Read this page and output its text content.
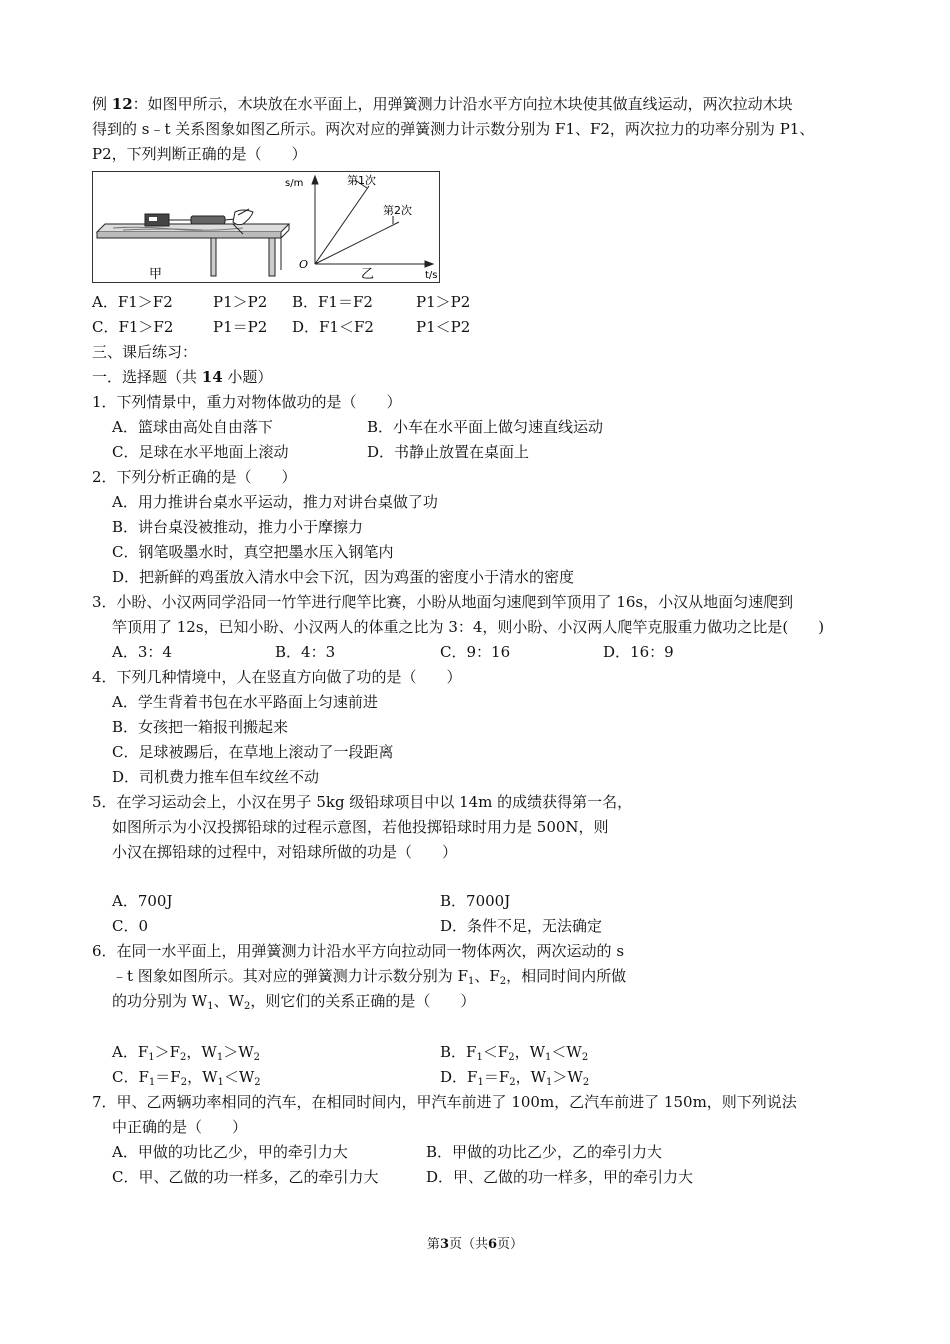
例 12：如图甲所示，木块放在水平面上，用弹簧测力计沿水平方向拉木块使其做直线运动，两次拉动木块
得到的 s﹣t 关系图象如图乙所示。两次对应的弹簧测力计示数分别为 F1、F2，两次拉力的功率分别为 P1、
P2，下列判断正确的是（　　）
甲
s/m
t/s
O
第1次
第2次
乙
A．F1＞F2	P1＞P2 B．F1＝F2	P1＞P2
C．F1＞F2	P1＝P2 D．F1＜F2	P1＜P2
三、课后练习：
一．选择题（共 14 小题）
1．下列情景中，重力对物体做功的是（　　）
A．篮球由高处自由落下	B．小车在水平面上做匀速直线运动
C．足球在水平地面上滚动	D．书静止放置在桌面上
2．下列分析正确的是（　　）
A．用力推讲台桌水平运动，推力对讲台桌做了功
B．讲台桌没被推动，推力小于摩擦力
C．钢笔吸墨水时，真空把墨水压入钢笔内
D．把新鲜的鸡蛋放入清水中会下沉，因为鸡蛋的密度小于清水的密度
3．小盼、小汉两同学沿同一竹竿进行爬竿比赛，小盼从地面匀速爬到竿顶用了 16s，小汉从地面匀速爬到
竿顶用了 12s，已知小盼、小汉两人的体重之比为 3：4，则小盼、小汉两人爬竿克服重力做功之比是(　　)
A．3：4	B．4：3	C．9：16	D．16：9
4．下列几种情境中，人在竖直方向做了功的是（　　）
A．学生背着书包在水平路面上匀速前进
B．女孩把一箱报刊搬起来
C．足球被踢后，在草地上滚动了一段距离
D．司机费力推车但车纹丝不动
5．在学习运动会上，小汉在男子 5kg 级铅球项目中以 14m 的成绩获得第一名，
如图所示为小汉投掷铅球的过程示意图，若他投掷铅球时用力是 500N，则
小汉在掷铅球的过程中，对铅球所做的功是（　　）
A．700J	B．7000J
C．0	D．条件不足，无法确定
6．在同一水平面上，用弹簧测力计沿水平方向拉动同一物体两次，两次运动的 s
﹣t 图象如图所示。其对应的弹簧测力计示数分别为 $F_1$、$F_2$，相同时间内所做
的功分别为 $W_1$、$W_2$，则它们的关系正确的是（　　）
A．$F_1>F_2$，$W_1>W_2$	B．$F_1<F_2$，$W_1<W_2$
C．$F_1=F_2$，$W_1<W_2$	D．$F_1=F_2$，$W_1>W_2$
7．甲、乙两辆功率相同的汽车，在相同时间内，甲汽车前进了 100m，乙汽车前进了 150m，则下列说法
中正确的是（　　）
A．甲做的功比乙少，甲的牵引力大	B．甲做的功比乙少，乙的牵引力大
C．甲、乙做的功一样多，乙的牵引力大	D．甲、乙做的功一样多，甲的牵引力大
第3页（共6页）
